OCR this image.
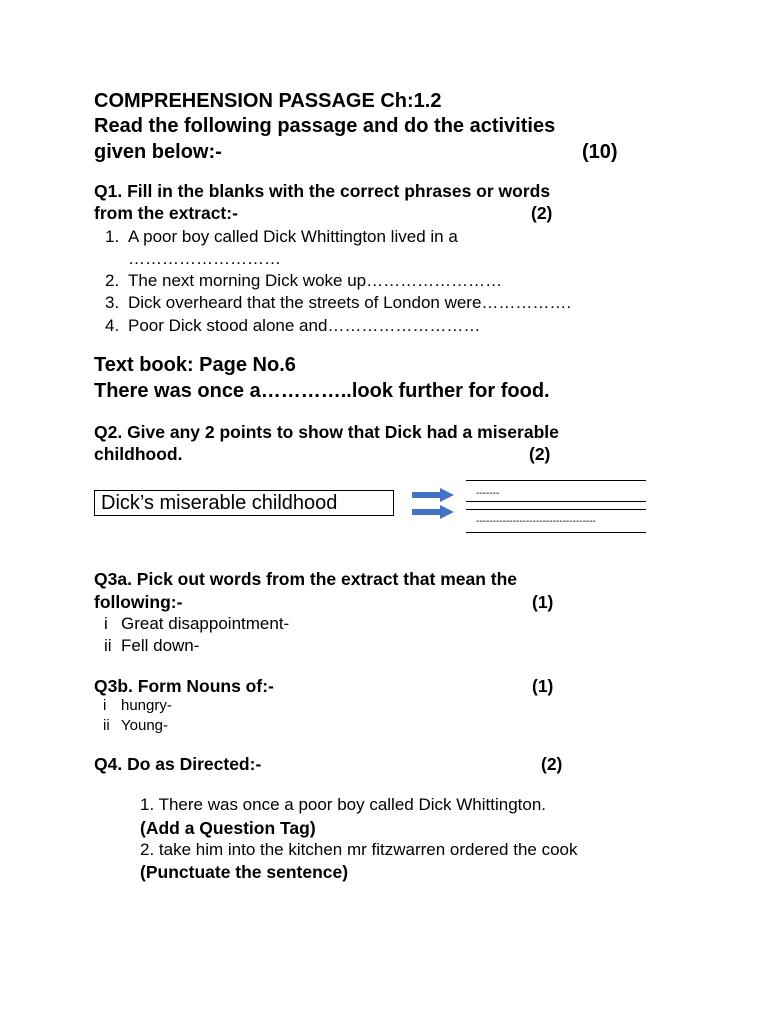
COMPREHENSION PASSAGE Ch:1.2
Read the following passage and do the activities
given below:-	(10)
Q1. Fill in the blanks with the correct phrases or words
from the extract:-	(2)
1. A poor boy called Dick Whittington lived in a
………………………
2. The next morning Dick woke up……………………
3. Dick overheard that the streets of London were…………….
4. Poor Dick stood alone and………………………
Text book: Page No.6
There was once a…………..look further for food.
Q2. Give any 2 points to show that Dick had a miserable
childhood.	(2)
Dick’s miserable childhood	-------
------------------------------------
Q3a. Pick out words from the extract that mean the
following:-	(1)
i Great disappointment-
ii Fell down-
Q3b. Form Nouns of:-	(1)
i hungry-
ii Young-
Q4. Do as Directed:-	(2)
1. There was once a poor boy called Dick Whittington.
(Add a Question Tag)
2. take him into the kitchen mr fitzwarren ordered the cook
(Punctuate the sentence)
